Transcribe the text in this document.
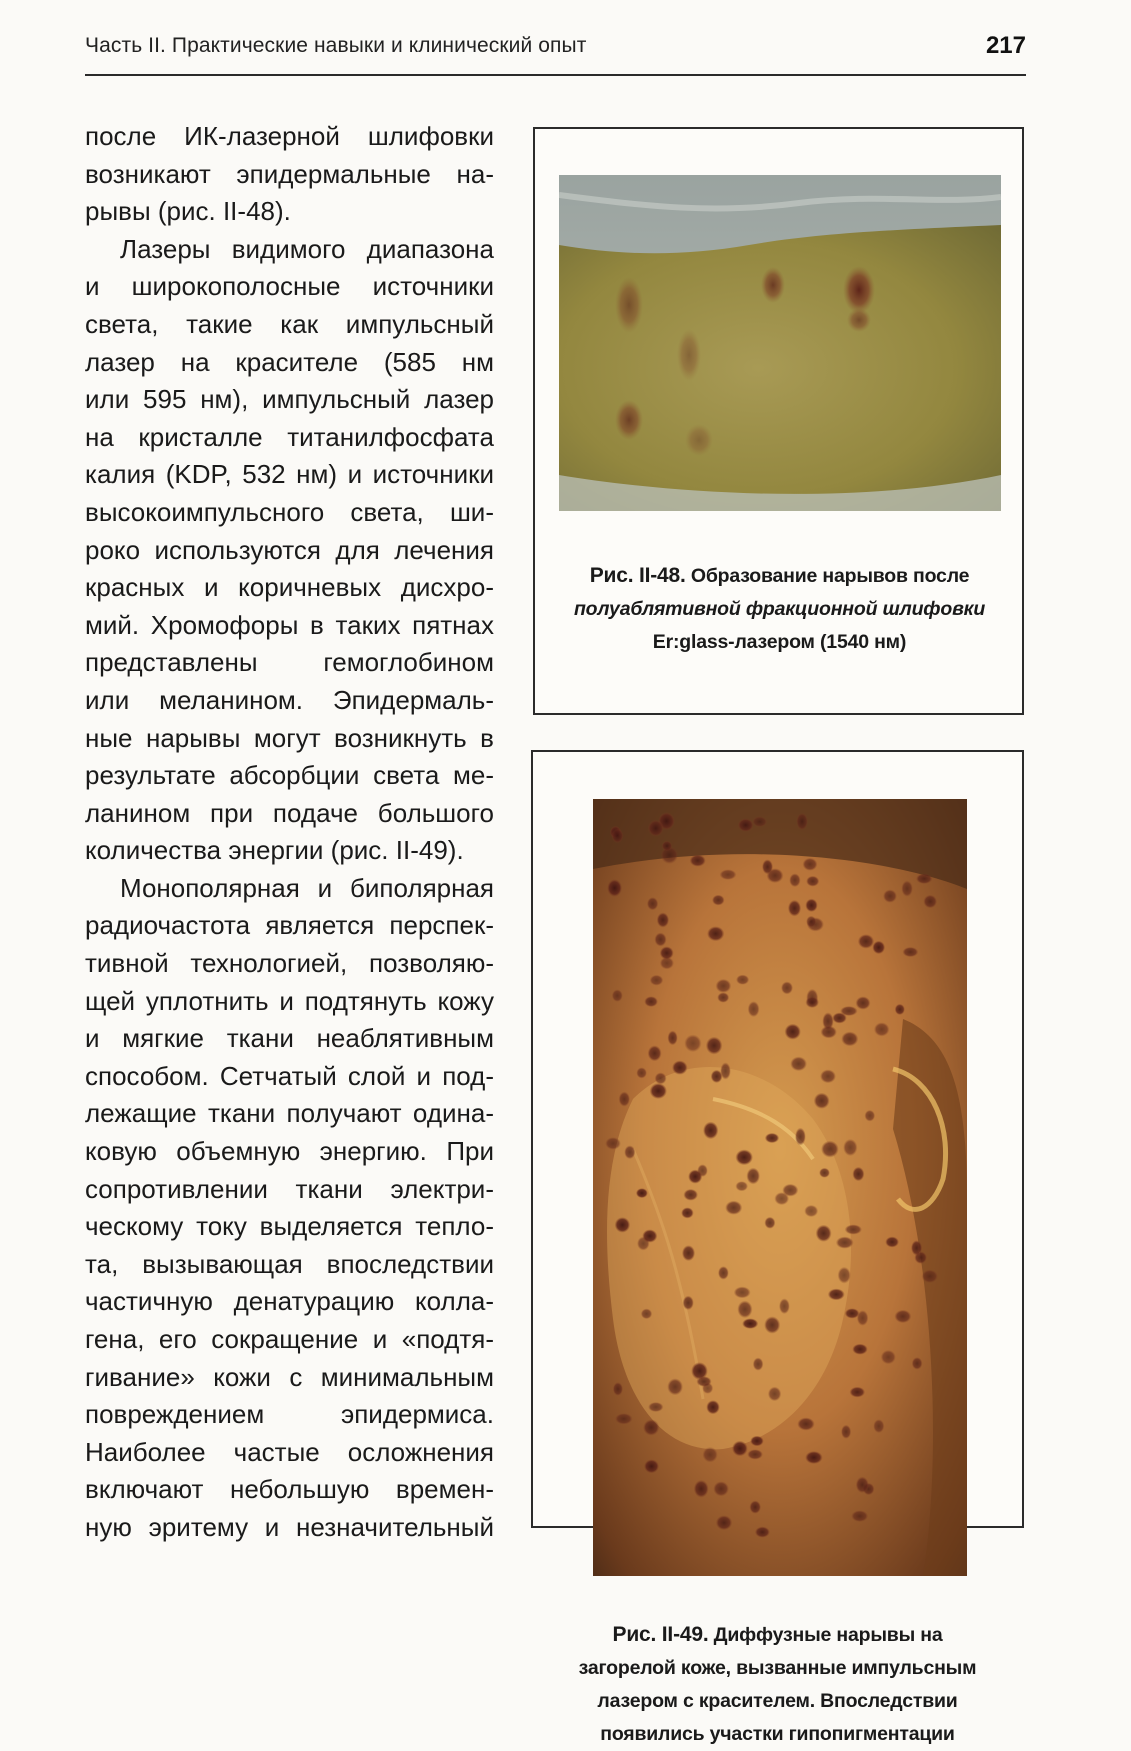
Часть II. Практические навыки и клинический опыт	217
после ИК-лазерной шлифовки
возникают эпидермальные на-
рывы (рис. II-48).
Лазеры видимого диапазона
и широкополосные источники
света, такие как импульсный
лазер на красителе (585 нм
или 595 нм), импульсный лазер
на кристалле титанилфосфата
калия (KDP, 532 нм) и источники
высокоимпульсного света, ши-
роко используются для лечения
красных и коричневых дисхро-
мий. Хромофоры в таких пятнах
представлены гемоглобином
или меланином. Эпидермаль-
ные нарывы могут возникнуть в
результате абсорбции света ме-
ланином при подаче большого
количества энергии (рис. II-49).
Монополярная и биполярная
радиочастота является перспек-
тивной технологией, позволяю-
щей уплотнить и подтянуть кожу
и мягкие ткани неаблятивным
способом. Сетчатый слой и под-
лежащие ткани получают одина-
ковую объемную энергию. При
сопротивлении ткани электри-
ческому току выделяется тепло-
та, вызывающая впоследствии
частичную денатурацию колла-
гена, его сокращение и «подтя-
гивание» кожи с минимальным
повреждением эпидермиса.
Наиболее частые осложнения
включают небольшую времен-
ную эритему и незначительный
Рис. II-48. Образование нарывов после
полуаблятивной фракционной шлифовки
Er:glass-лазером (1540 нм)
Рис. II-49. Диффузные нарывы на
загорелой коже, вызванные импульсным
лазером с красителем. Впоследствии
появились участки гипопигментации
